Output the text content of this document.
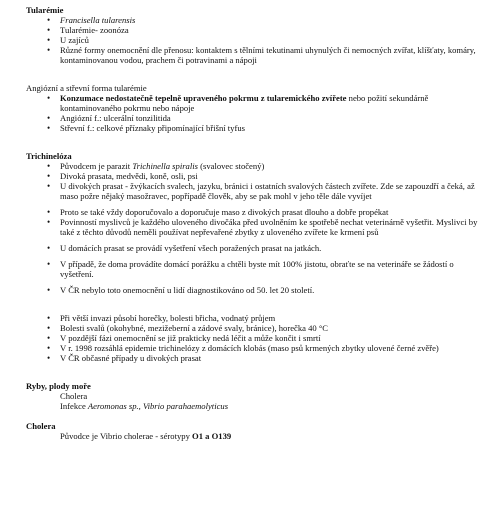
Tularémie

• Francisella tularensis
• Tularémie- zoonóza
• U zajíců
• Různé formy onemocnění dle přenosu: kontaktem s tělními tekutinami uhynulých či nemocných zvířat, klíšťaty, komáry, kontaminovanou vodou, prachem či potravinami a nápoji

Angiózní a střevní forma tularémie

• Konzumace nedostatečně tepelně upraveného pokrmu z tularemického zvířete nebo požití sekundárně kontaminovaného pokrmu nebo nápoje
• Angiózní f.: ulcerální tonzilitida
• Střevní f.: celkové příznaky připomínající břišní tyfus

Trichinelóza

• Původcem je parazit Trichinella spiralis (svalovec stočený)
• Divoká prasata, medvědi, koně, osli, psi
• U divokých prasat - žvýkacích svalech, jazyku, bránici i ostatních svalových částech zvířete. Zde se zapouzdří a čeká, až maso požre nějaký masožravec, popřípadě člověk, aby se pak mohl v jeho těle dále vyvíjet
• Proto se také vždy doporučovalo a doporučuje maso z divokých prasat dlouho a dobře propékat
• Povinností myslivců je každého uloveného divočáka před uvolněním ke spotřebě nechat veterinárně vyšetřit. Myslivci by také z těchto důvodů neměli používat nepřevařené zbytky z uloveného zvířete ke krmení psů
• U domácích prasat se provádí vyšetření všech poražených prasat na jatkách.
• V případě, že doma provádíte domácí porážku a chtěli byste mít 100% jistotu, obraťte se na veterináře se žádostí o vyšetření.
• V ČR nebylo toto onemocnění u lidí diagnostikováno od 50. let 20 století.
• Při větší invazi působí horečky, bolesti břicha, vodnatý průjem
• Bolesti svalů (okohybné, mezižeberní a zádové svaly, bránice), horečka 40 °C
• V pozdější fázi onemocnění se již prakticky nedá léčit a může končit i smrtí
• V r. 1998 rozsáhlá epidemie trichinelózy z domácích klobás (maso psů krmených zbytky ulovené černé zvěře)
• V ČR občasné případy u divokých prasat

Ryby, plody moře

Cholera

Infekce Aeromonas sp., Vibrio parahaemolyticus

Cholera

Původce je Vibrio cholerae - sérotypy O1 a O139
